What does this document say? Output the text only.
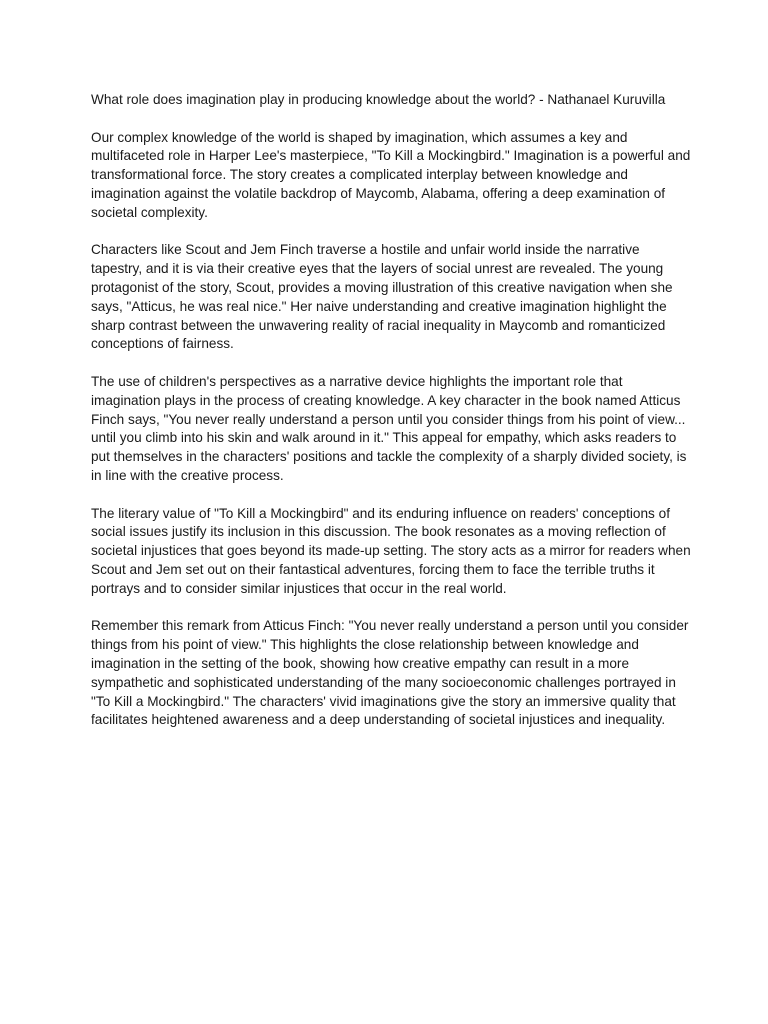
What role does imagination play in producing knowledge about the world? - Nathanael Kuruvilla

Our complex knowledge of the world is shaped by imagination, which assumes a key and multifaceted role in Harper Lee's masterpiece, "To Kill a Mockingbird." Imagination is a powerful and transformational force. The story creates a complicated interplay between knowledge and imagination against the volatile backdrop of Maycomb, Alabama, offering a deep examination of societal complexity.

Characters like Scout and Jem Finch traverse a hostile and unfair world inside the narrative tapestry, and it is via their creative eyes that the layers of social unrest are revealed. The young protagonist of the story, Scout, provides a moving illustration of this creative navigation when she says, "Atticus, he was real nice." Her naive understanding and creative imagination highlight the sharp contrast between the unwavering reality of racial inequality in Maycomb and romanticized conceptions of fairness.

The use of children's perspectives as a narrative device highlights the important role that imagination plays in the process of creating knowledge. A key character in the book named Atticus Finch says, "You never really understand a person until you consider things from his point of view... until you climb into his skin and walk around in it." This appeal for empathy, which asks readers to put themselves in the characters' positions and tackle the complexity of a sharply divided society, is in line with the creative process.

The literary value of "To Kill a Mockingbird" and its enduring influence on readers' conceptions of social issues justify its inclusion in this discussion. The book resonates as a moving reflection of societal injustices that goes beyond its made-up setting. The story acts as a mirror for readers when Scout and Jem set out on their fantastical adventures, forcing them to face the terrible truths it portrays and to consider similar injustices that occur in the real world.

Remember this remark from Atticus Finch: "You never really understand a person until you consider things from his point of view." This highlights the close relationship between knowledge and imagination in the setting of the book, showing how creative empathy can result in a more sympathetic and sophisticated understanding of the many socioeconomic challenges portrayed in "To Kill a Mockingbird." The characters' vivid imaginations give the story an immersive quality that facilitates heightened awareness and a deep understanding of societal injustices and inequality.
